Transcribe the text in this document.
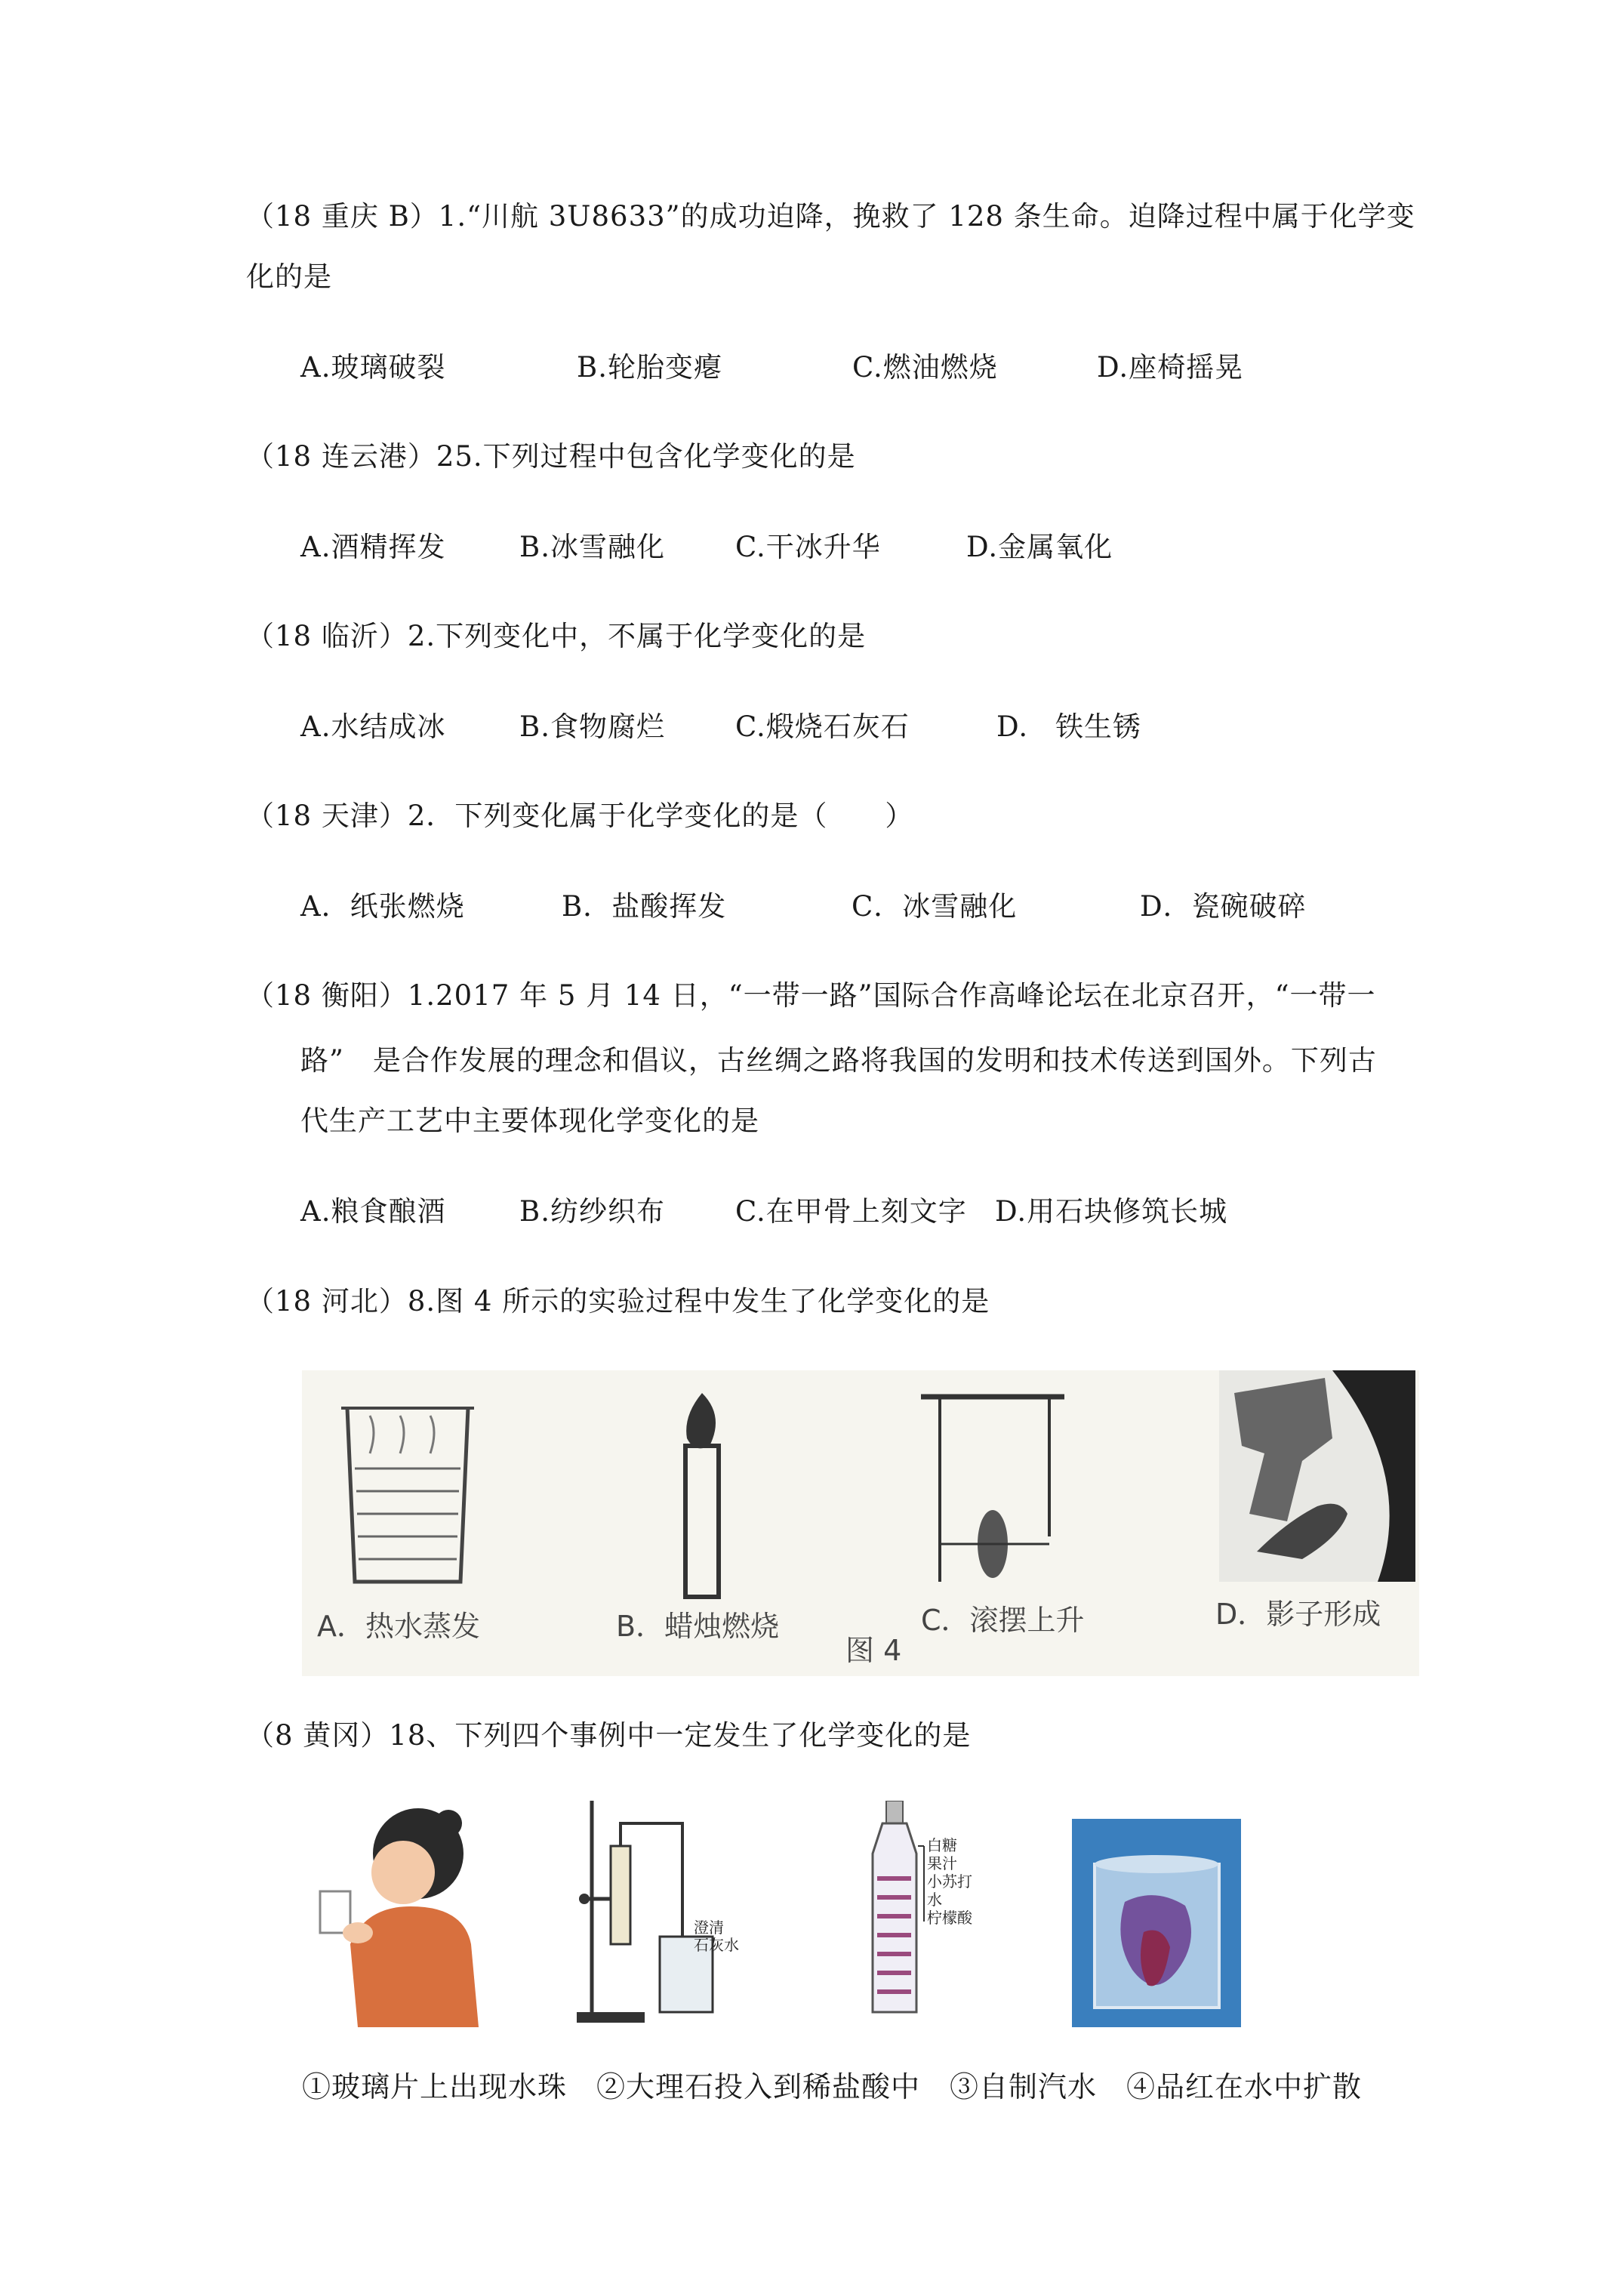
（18 重庆 B）1.“川航 3U8633”的成功迫降，挽救了 128 条生命。迫降过程中属于化学变
化的是
A.玻璃破裂	B.轮胎变瘪	C.燃油燃烧	D.座椅摇晃
（18 连云港）25.下列过程中包含化学变化的是
A.酒精挥发	B.冰雪融化	C.干冰升华	D.金属氧化
（18 临沂）2.下列变化中，不属于化学变化的是
A.水结成冰	B.食物腐烂	C.煅烧石灰石	D. 铁生锈
（18 天津）2．下列变化属于化学变化的是（　　）
A．纸张燃烧	B．盐酸挥发	C．冰雪融化	D．瓷碗破碎
（18 衡阳）1.2017 年 5 月 14 日，“一带一路”国际合作高峰论坛在北京召开，“一带一
路”　是合作发展的理念和倡议，古丝绸之路将我国的发明和技术传送到国外。下列古
代生产工艺中主要体现化学变化的是
A.粮食酿酒	B.纺纱织布	C.在甲骨上刻文字 D.用石块修筑长城
（18 河北）8.图 4 所示的实验过程中发生了化学变化的是
A．热水蒸发	B．蜡烛燃烧	C．滚摆上升	D．影子形成
图 4
（8 黄冈）18、下列四个事例中一定发生了化学变化的是
澄清
石灰水
白糖
果汁
小苏打
水
柠檬酸
①玻璃片上出现水珠　②大理石投入到稀盐酸中　③自制汽水　④品红在水中扩散
